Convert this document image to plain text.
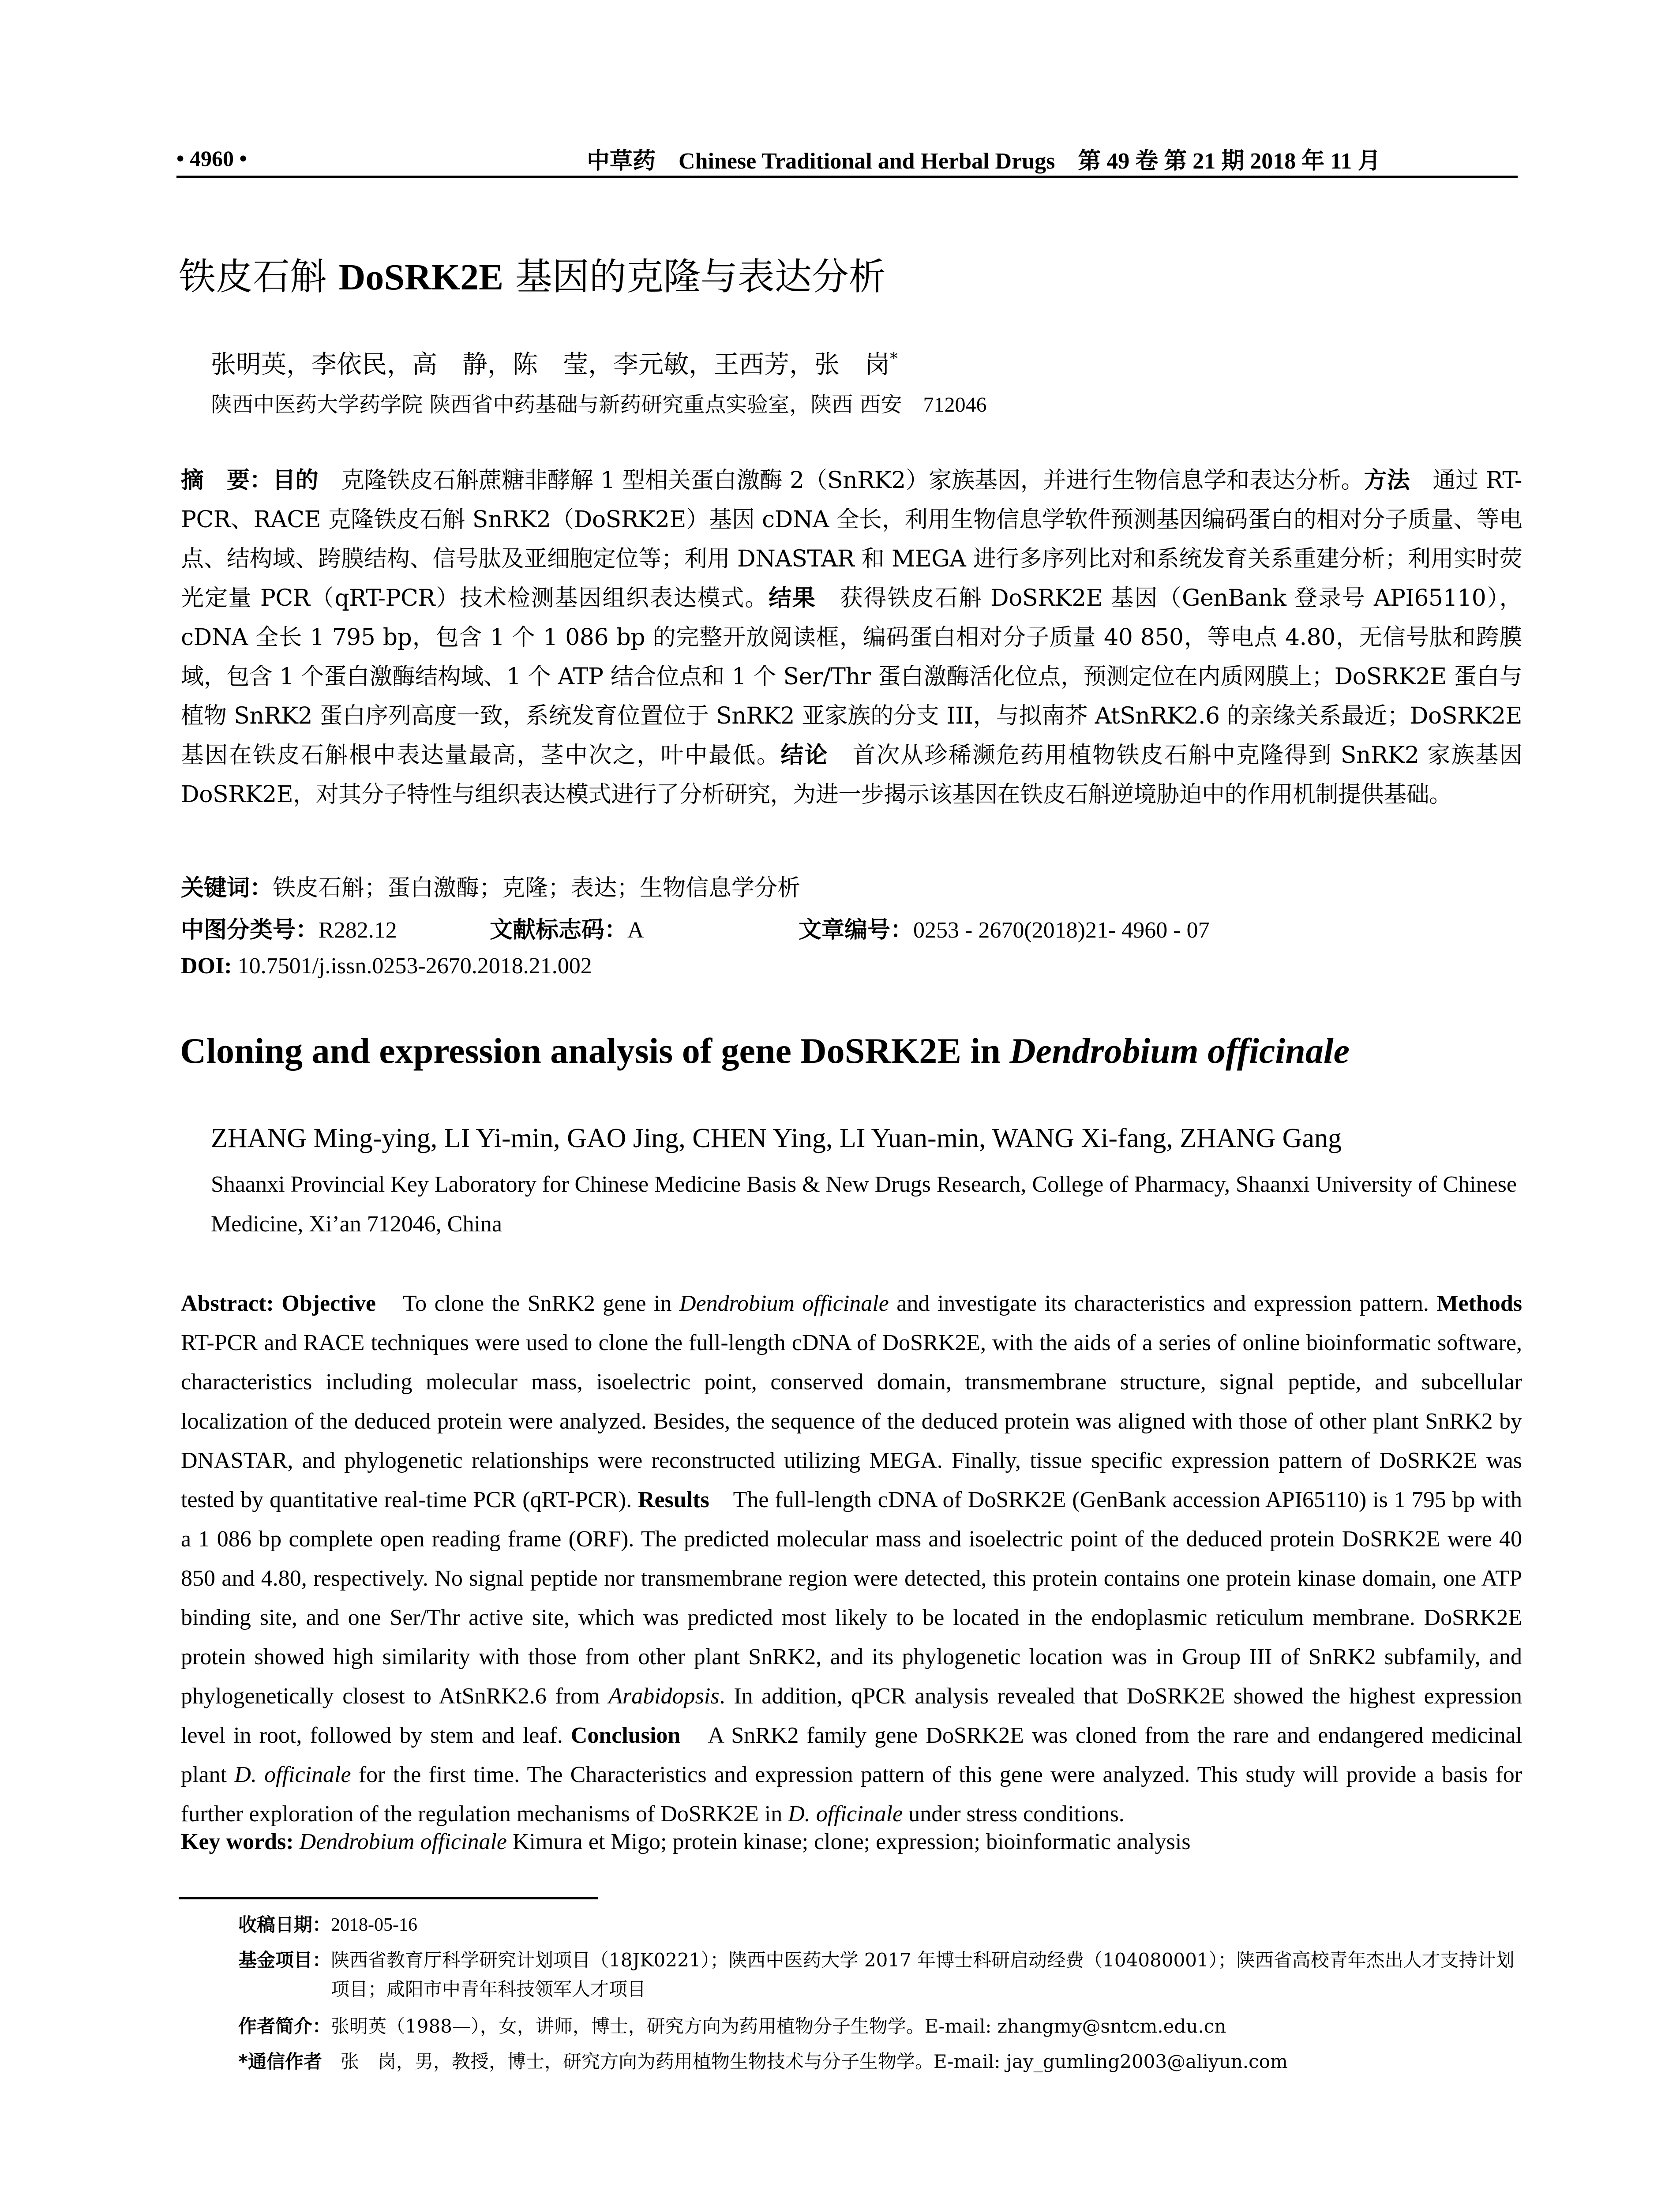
• 4960 •	中草药　Chinese Traditional and Herbal Drugs　第 49 卷 第 21 期 2018 年 11 月
铁皮石斛 DoSRK2E 基因的克隆与表达分析
张明英，李依民，高　静，陈　莹，李元敏，王西芳，张　岗*
陕西中医药大学药学院 陕西省中药基础与新药研究重点实验室，陕西 西安　712046
摘　要：目的　克隆铁皮石斛蔗糖非酵解 1 型相关蛋白激酶 2（SnRK2）家族基因，并进行生物信息学和表达分析。方法　通过 RT-PCR、RACE 克隆铁皮石斛 SnRK2（DoSRK2E）基因 cDNA 全长，利用生物信息学软件预测基因编码蛋白的相对分子质量、等电点、结构域、跨膜结构、信号肽及亚细胞定位等；利用 DNASTAR 和 MEGA 进行多序列比对和系统发育关系重建分析；利用实时荧光定量 PCR（qRT-PCR）技术检测基因组织表达模式。结果　获得铁皮石斛 DoSRK2E 基因（GenBank 登录号 API65110），cDNA 全长 1 795 bp，包含 1 个 1 086 bp 的完整开放阅读框，编码蛋白相对分子质量 40 850，等电点 4.80，无信号肽和跨膜域，包含 1 个蛋白激酶结构域、1 个 ATP 结合位点和 1 个 Ser/Thr 蛋白激酶活化位点，预测定位在内质网膜上；DoSRK2E 蛋白与植物 SnRK2 蛋白序列高度一致，系统发育位置位于 SnRK2 亚家族的分支 III，与拟南芥 AtSnRK2.6 的亲缘关系最近；DoSRK2E 基因在铁皮石斛根中表达量最高，茎中次之，叶中最低。结论　首次从珍稀濒危药用植物铁皮石斛中克隆得到 SnRK2 家族基因 DoSRK2E，对其分子特性与组织表达模式进行了分析研究，为进一步揭示该基因在铁皮石斛逆境胁迫中的作用机制提供基础。
关键词：铁皮石斛；蛋白激酶；克隆；表达；生物信息学分析
中图分类号：R282.12	文献标志码：A	文章编号：0253 - 2670(2018)21- 4960 - 07
DOI: 10.7501/j.issn.0253-2670.2018.21.002
Cloning and expression analysis of gene DoSRK2E in Dendrobium officinale
ZHANG Ming-ying, LI Yi-min, GAO Jing, CHEN Ying, LI Yuan-min, WANG Xi-fang, ZHANG Gang
Shaanxi Provincial Key Laboratory for Chinese Medicine Basis & New Drugs Research, College of Pharmacy, Shaanxi University of Chinese Medicine, Xi’an 712046, China
Abstract: Objective　To clone the SnRK2 gene in Dendrobium officinale and investigate its characteristics and expression pattern. Methods RT-PCR and RACE techniques were used to clone the full-length cDNA of DoSRK2E, with the aids of a series of online bioinformatic software, characteristics including molecular mass, isoelectric point, conserved domain, transmembrane structure, signal peptide, and subcellular localization of the deduced protein were analyzed. Besides, the sequence of the deduced protein was aligned with those of other plant SnRK2 by DNASTAR, and phylogenetic relationships were reconstructed utilizing MEGA. Finally, tissue specific expression pattern of DoSRK2E was tested by quantitative real-time PCR (qRT-PCR). Results　The full-length cDNA of DoSRK2E (GenBank accession API65110) is 1 795 bp with a 1 086 bp complete open reading frame (ORF). The predicted molecular mass and isoelectric point of the deduced protein DoSRK2E were 40 850 and 4.80, respectively. No signal peptide nor transmembrane region were detected, this protein contains one protein kinase domain, one ATP binding site, and one Ser/Thr active site, which was predicted most likely to be located in the endoplasmic reticulum membrane. DoSRK2E protein showed high similarity with those from other plant SnRK2, and its phylogenetic location was in Group III of SnRK2 subfamily, and phylogenetically closest to AtSnRK2.6 from Arabidopsis. In addition, qPCR analysis revealed that DoSRK2E showed the highest expression level in root, followed by stem and leaf. Conclusion　A SnRK2 family gene DoSRK2E was cloned from the rare and endangered medicinal plant D. officinale for the first time. The Characteristics and expression pattern of this gene were analyzed. This study will provide a basis for further exploration of the regulation mechanisms of DoSRK2E in D. officinale under stress conditions.
Key words: Dendrobium officinale Kimura et Migo; protein kinase; clone; expression; bioinformatic analysis
收稿日期： 2018-05-16
基金项目： 陕西省教育厅科学研究计划项目（18JK0221）；陕西中医药大学 2017 年博士科研启动经费（104080001）；陕西省高校青年杰出人才支持计划项目；咸阳市中青年科技领军人才项目
作者简介： 张明英（1988—），女，讲师，博士，研究方向为药用植物分子生物学。E-mail: zhangmy@sntcm.edu.cn
*通信作者 　张　岗，男，教授，博士，研究方向为药用植物生物技术与分子生物学。E-mail: jay_gumling2003@aliyun.com
